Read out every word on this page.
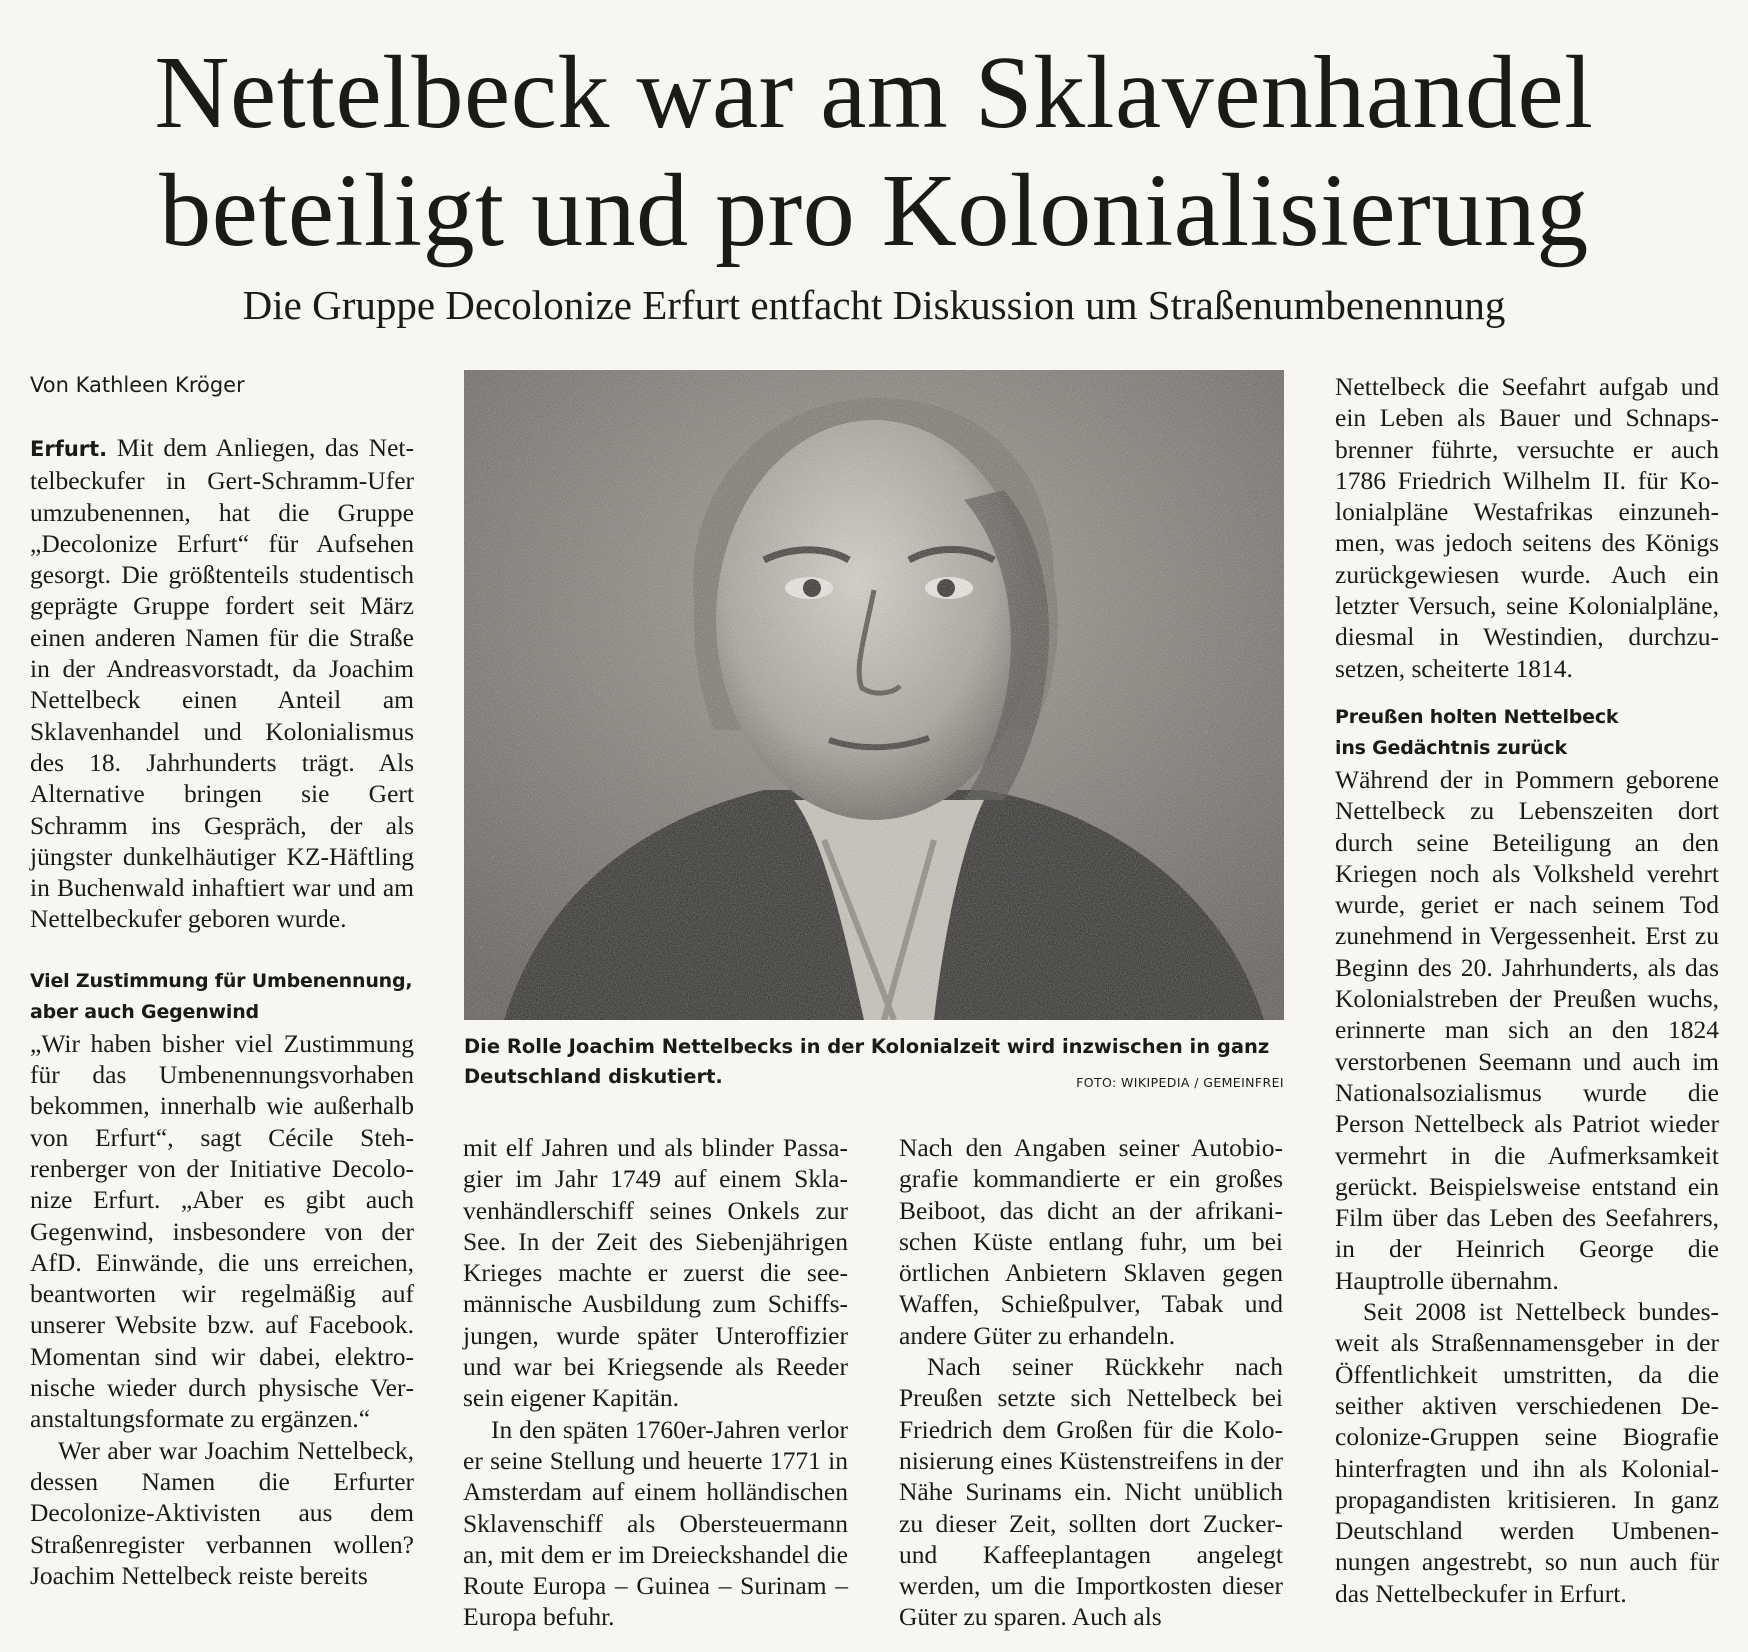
Nettelbeck war am Sklavenhandel
beteiligt und pro Kolonialisierung
Die Gruppe Decolonize Erfurt entfacht Diskussion um Straßenumbenennung
Von Kathleen Kröger

Erfurt. Mit dem Anliegen, das Nettelbeckufer in Gert-Schramm-Ufer umzubenennen, hat die Gruppe „Decolonize Erfurt“ für Aufsehen gesorgt. Die größtenteils studentisch geprägte Gruppe fordert seit März einen anderen Namen für die Straße in der Andreasvorstadt, da Joachim Nettelbeck einen Anteil am Sklavenhandel und Kolonialismus des 18. Jahrhunderts trägt. Als Alternative bringen sie Gert Schramm ins Gespräch, der als jüngster dunkelhäutiger KZ-Häftling in Buchenwald inhaftiert war und am Nettelbeckufer geboren wurde.

Viel Zustimmung für Umbenennung,
aber auch Gegenwind

„Wir haben bisher viel Zustimmung für das Umbenennungsvorhaben bekommen, innerhalb wie außerhalb von Erfurt“, sagt Cécile Stehrenberger von der Initiative Decolonize Erfurt. „Aber es gibt auch Gegenwind, insbesondere von der AfD. Einwände, die uns erreichen, beantworten wir regelmäßig auf unserer Website bzw. auf Facebook. Momentan sind wir dabei, elektronische wieder durch physische Veranstaltungsformate zu ergänzen.“

Wer aber war Joachim Nettelbeck, dessen Namen die Erfurter Decolonize-Aktivisten aus dem Straßenregister verbannen wollen? Joachim Nettelbeck reiste bereits

Die Rolle Joachim Nettelbecks in der Kolonialzeit wird inzwischen in ganz Deutschland diskutiert.	FOTO: WIKIPEDIA / GEMEINFREI

mit elf Jahren und als blinder Passagier im Jahr 1749 auf einem Sklavenhändlerschiff seines Onkels zur See. In der Zeit des Siebenjährigen Krieges machte er zuerst die seemännische Ausbildung zum Schiffsjungen, wurde später Unteroffizier und war bei Kriegsende als Reeder sein eigener Kapitän.

In den späten 1760er-Jahren verlor er seine Stellung und heuerte 1771 in Amsterdam auf einem holländischen Sklavenschiff als Obersteuermann an, mit dem er im Dreieckshandel die Route Europa – Guinea – Surinam – Europa befuhr.

Nach den Angaben seiner Autobiografie kommandierte er ein großes Beiboot, das dicht an der afrikanischen Küste entlang fuhr, um bei örtlichen Anbietern Sklaven gegen Waffen, Schießpulver, Tabak und andere Güter zu erhandeln.

Nach seiner Rückkehr nach Preußen setzte sich Nettelbeck bei Friedrich dem Großen für die Kolonisierung eines Küstenstreifens in der Nähe Surinams ein. Nicht unüblich zu dieser Zeit, sollten dort Zucker- und Kaffeeplantagen angelegt werden, um die Importkosten dieser Güter zu sparen. Auch als

Nettelbeck die Seefahrt aufgab und ein Leben als Bauer und Schnapsbrenner führte, versuchte er auch 1786 Friedrich Wilhelm II. für Kolonialpläne Westafrikas einzunehmen, was jedoch seitens des Königs zurückgewiesen wurde. Auch ein letzter Versuch, seine Kolonialpläne, diesmal in Westindien, durchzusetzen, scheiterte 1814.

Preußen holten Nettelbeck
ins Gedächtnis zurück

Während der in Pommern geborene Nettelbeck zu Lebenszeiten dort durch seine Beteiligung an den Kriegen noch als Volksheld verehrt wurde, geriet er nach seinem Tod zunehmend in Vergessenheit. Erst zu Beginn des 20. Jahrhunderts, als das Kolonialstreben der Preußen wuchs, erinnerte man sich an den 1824 verstorbenen Seemann und auch im Nationalsozialismus wurde die Person Nettelbeck als Patriot wieder vermehrt in die Aufmerksamkeit gerückt. Beispielsweise entstand ein Film über das Leben des Seefahrers, in der Heinrich George die Hauptrolle übernahm.

Seit 2008 ist Nettelbeck bundesweit als Straßennamensgeber in der Öffentlichkeit umstritten, da die seither aktiven verschiedenen Decolonize-Gruppen seine Biografie hinterfragten und ihn als Kolonialpropagandisten kritisieren. In ganz Deutschland werden Umbenennungen angestrebt, so nun auch für das Nettelbeckufer in Erfurt.
